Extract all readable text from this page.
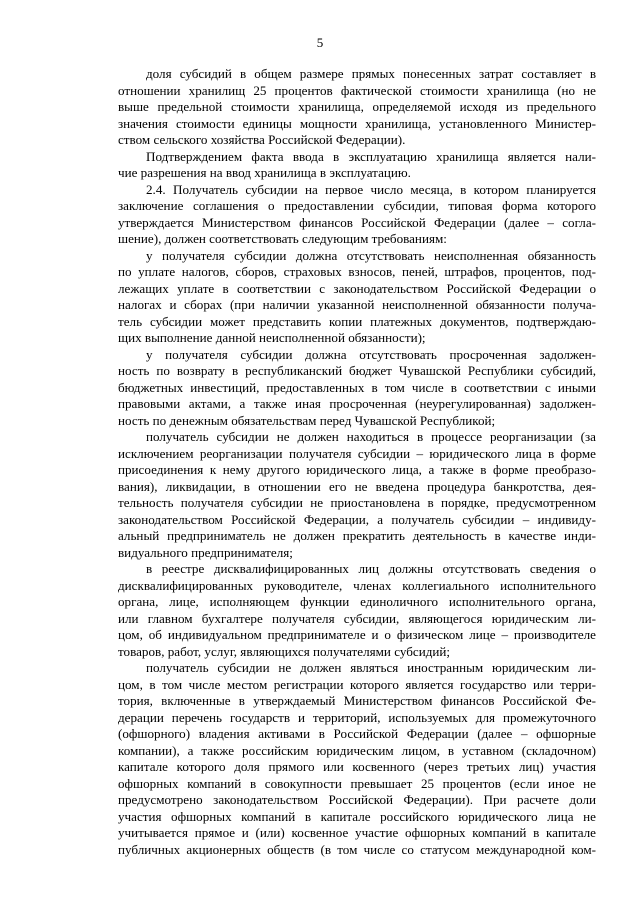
5
доля субсидий в общем размере прямых понесенных затрат составляет в
отношении хранилищ 25 процентов фактической стоимости хранилища (но не
выше предельной стоимости хранилища, определяемой исходя из предельного
значения стоимости единицы мощности хранилища, установленного Министер-
ством сельского хозяйства Российской Федерации).
Подтверждением факта ввода в эксплуатацию хранилища является нали-
чие разрешения на ввод хранилища в эксплуатацию.
2.4. Получатель субсидии на первое число месяца, в котором планируется
заключение соглашения о предоставлении субсидии, типовая форма которого
утверждается Министерством финансов Российской Федерации (далее – согла-
шение), должен соответствовать следующим требованиям:
у получателя субсидии должна отсутствовать неисполненная обязанность
по уплате налогов, сборов, страховых взносов, пеней, штрафов, процентов, под-
лежащих уплате в соответствии с законодательством Российской Федерации о
налогах и сборах (при наличии указанной неисполненной обязанности получа-
тель субсидии может представить копии платежных документов, подтверждаю-
щих выполнение данной неисполненной обязанности);
у получателя субсидии должна отсутствовать просроченная задолжен-
ность по возврату в республиканский бюджет Чувашской Республики субсидий,
бюджетных инвестиций, предоставленных в том числе в соответствии с иными
правовыми актами, а также иная просроченная (неурегулированная) задолжен-
ность по денежным обязательствам перед Чувашской Республикой;
получатель субсидии не должен находиться в процессе реорганизации (за
исключением реорганизации получателя субсидии – юридического лица в форме
присоединения к нему другого юридического лица, а также в форме преобразо-
вания), ликвидации, в отношении его не введена процедура банкротства, дея-
тельность получателя субсидии не приостановлена в порядке, предусмотренном
законодательством Российской Федерации, а получатель субсидии – индивиду-
альный предприниматель не должен прекратить деятельность в качестве инди-
видуального предпринимателя;
в реестре дисквалифицированных лиц должны отсутствовать сведения о
дисквалифицированных руководителе, членах коллегиального исполнительного
органа, лице, исполняющем функции единоличного исполнительного органа,
или главном бухгалтере получателя субсидии, являющегося юридическим ли-
цом, об индивидуальном предпринимателе и о физическом лице – производителе
товаров, работ, услуг, являющихся получателями субсидий;
получатель субсидии не должен являться иностранным юридическим ли-
цом, в том числе местом регистрации которого является государство или терри-
тория, включенные в утверждаемый Министерством финансов Российской Фе-
дерации перечень государств и территорий, используемых для промежуточного
(офшорного) владения активами в Российской Федерации (далее – офшорные
компании), а также российским юридическим лицом, в уставном (складочном)
капитале которого доля прямого или косвенного (через третьих лиц) участия
офшорных компаний в совокупности превышает 25 процентов (если иное не
предусмотрено законодательством Российской Федерации). При расчете доли
участия офшорных компаний в капитале российского юридического лица не
учитывается прямое и (или) косвенное участие офшорных компаний в капитале
публичных акционерных обществ (в том числе со статусом международной ком-
